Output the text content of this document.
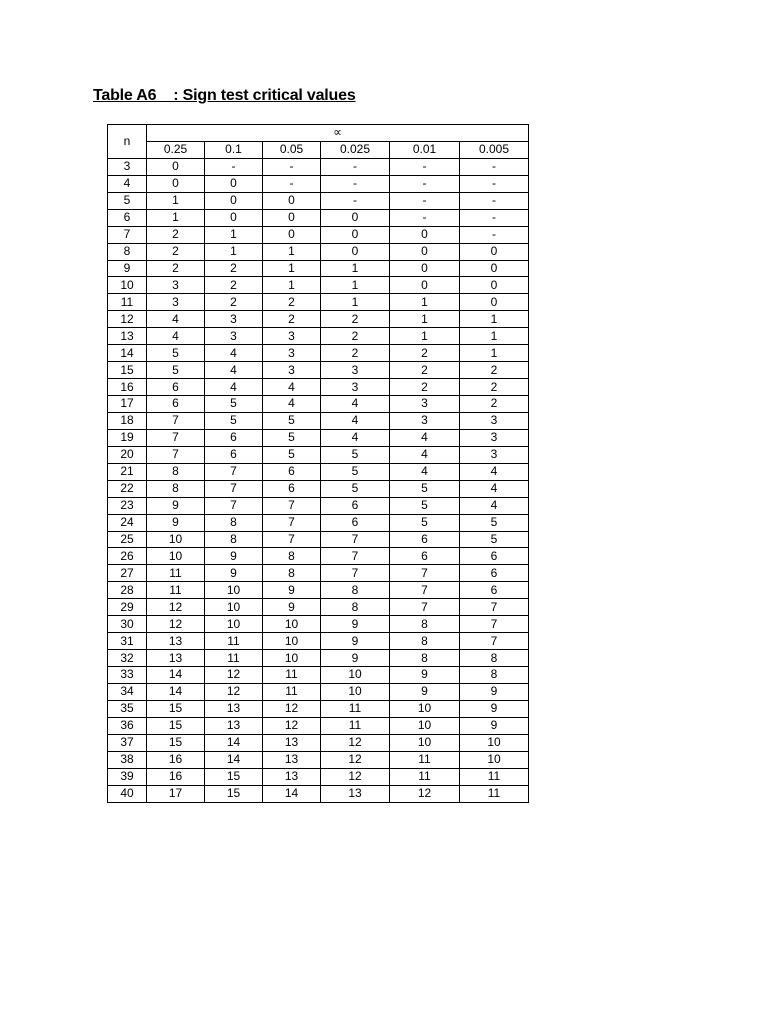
Table A6    : Sign test critical values
n	∝					
	0.25	0.1	0.05	0.025	0.01	0.005
3	0	-	-	-	-	-
4	0	0	-	-	-	-
5	1	0	0	-	-	-
6	1	0	0	0	-	-
7	2	1	0	0	0	-
8	2	1	1	0	0	0
9	2	2	1	1	0	0
10	3	2	1	1	0	0
11	3	2	2	1	1	0
12	4	3	2	2	1	1
13	4	3	3	2	1	1
14	5	4	3	2	2	1
15	5	4	3	3	2	2
16	6	4	4	3	2	2
17	6	5	4	4	3	2
18	7	5	5	4	3	3
19	7	6	5	4	4	3
20	7	6	5	5	4	3
21	8	7	6	5	4	4
22	8	7	6	5	5	4
23	9	7	7	6	5	4
24	9	8	7	6	5	5
25	10	8	7	7	6	5
26	10	9	8	7	6	6
27	11	9	8	7	7	6
28	11	10	9	8	7	6
29	12	10	9	8	7	7
30	12	10	10	9	8	7
31	13	11	10	9	8	7
32	13	11	10	9	8	8
33	14	12	11	10	9	8
34	14	12	11	10	9	9
35	15	13	12	11	10	9
36	15	13	12	11	10	9
37	15	14	13	12	10	10
38	16	14	13	12	11	10
39	16	15	13	12	11	11
40	17	15	14	13	12	11
